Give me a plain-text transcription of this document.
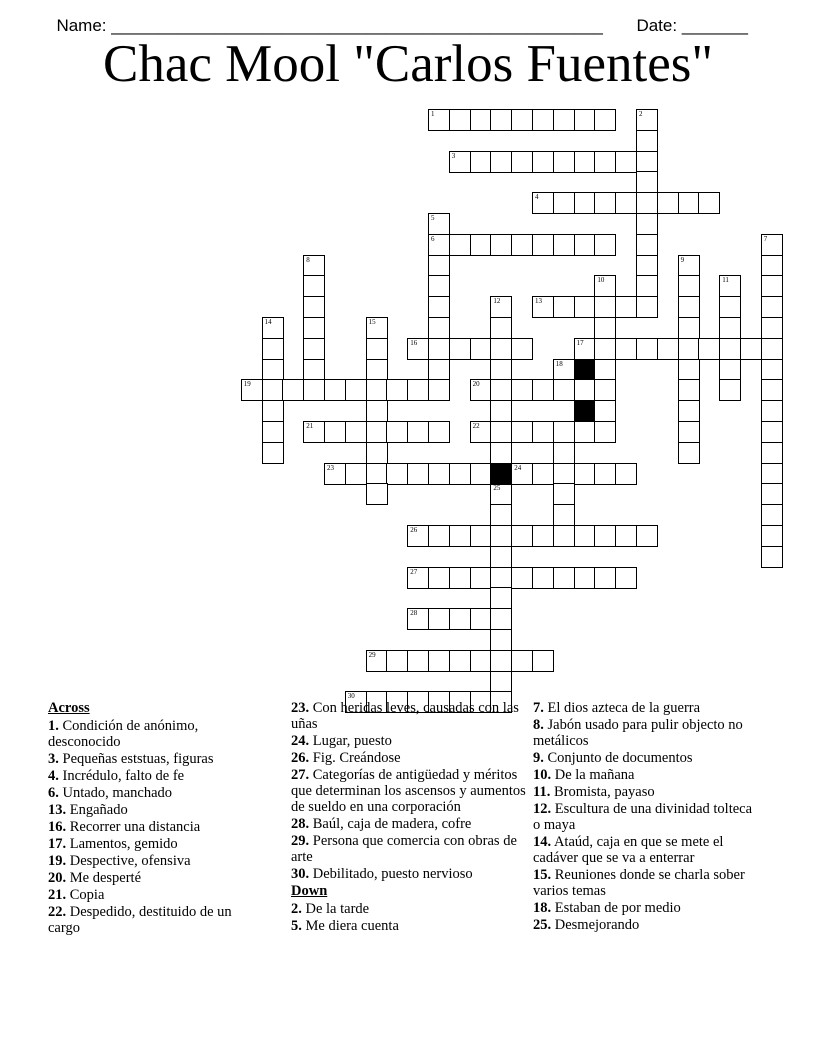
Name: ____________________________________________________	Date: _______

Chac Mool "Carlos Fuentes"
1	2
3
4
5
6	7
8	9
10	11
12	13
14	15
16	17
18
19	20
21	22
23	24
25
26
27
28
29
30
Across
1. Condición de anónimo, desconocido
3. Pequeñas eststuas, figuras
4. Incrédulo, falto de fe
6. Untado, manchado
13. Engañado
16. Recorrer una distancia
17. Lamentos, gemido
19. Despective, ofensiva
20. Me desperté
21. Copia
22. Despedido, destituido de un cargo
23. Con heridas leves, causadas con las uñas
24. Lugar, puesto
26. Fig. Creándose
27. Categorías de antigüedad y méritos que determinan los ascensos y aumentos de sueldo en una corporación
28. Baúl, caja de madera, cofre
29. Persona que comercia con obras de arte
30. Debilitado, puesto nervioso
Down
2. De la tarde
5. Me diera cuenta
7. El dios azteca de la guerra
8. Jabón usado para pulir objecto no metálicos
9. Conjunto de documentos
10. De la mañana
11. Bromista, payaso
12. Escultura de una divinidad tolteca o maya
14. Ataúd, caja en que se mete el cadáver que se va a enterrar
15. Reuniones donde se charla sober varios temas
18. Estaban de por medio
25. Desmejorando
